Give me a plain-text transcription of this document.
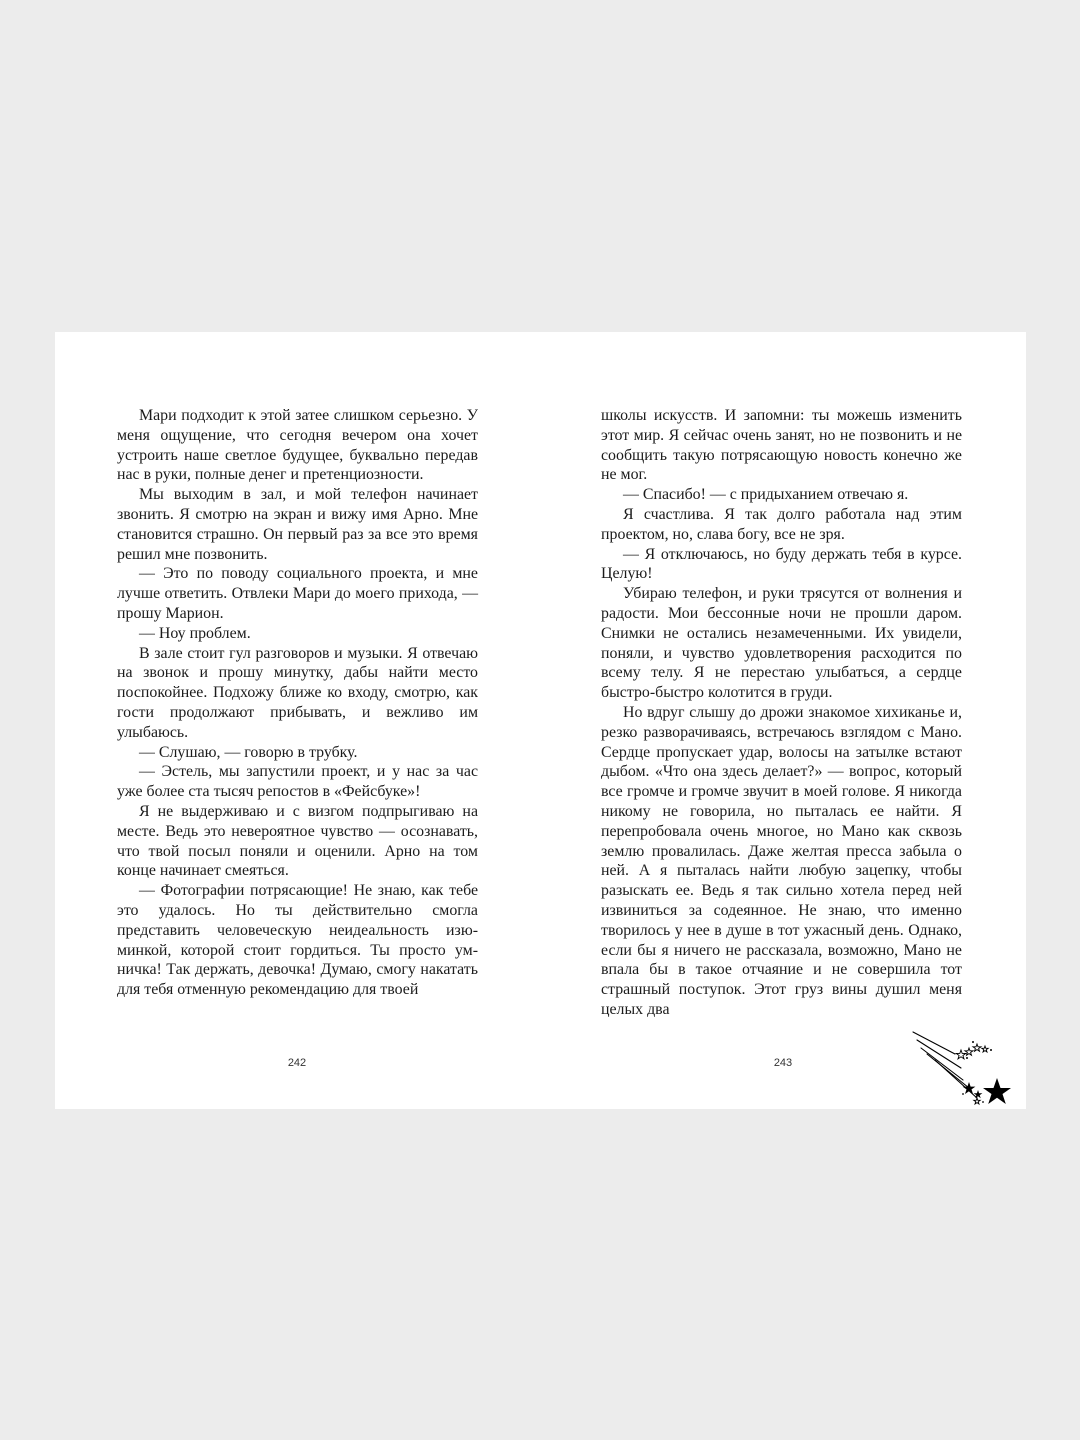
Мари подходит к этой затее слишком серьезно. У меня ощущение, что сегодня вечером она хочет устроить наше светлое будущее, буквально передав нас в руки, полные денег и претенциозности.

Мы выходим в зал, и мой телефон начинает звонить. Я смотрю на экран и вижу имя Арно. Мне становится страшно. Он первый раз за все это время решил мне позвонить.

— Это по поводу социального проекта, и мне лучше ответить. Отвлеки Мари до моего прихода, — прошу Марион.

— Ноу проблем.

В зале стоит гул разговоров и музыки. Я отвечаю на звонок и прошу минутку, дабы найти место поспокойнее. Подхожу ближе ко входу, смотрю, как гости продолжают прибывать, и вежливо им улыбаюсь.

— Слушаю, — говорю в трубку.

— Эстель, мы запустили проект, и у нас за час уже более ста тысяч репостов в «Фейсбуке»!

Я не выдерживаю и с визгом подпрыгиваю на месте. Ведь это невероятное чувство — осознавать, что твой посыл поняли и оценили. Арно на том конце начинает смеяться.

— Фотографии потрясающие! Не знаю, как тебе это удалось. Но ты действительно смогла представить человеческую неидеальность изюминкой, которой стоит гордиться. Ты просто умничка! Так держать, девочка! Думаю, смогу накатать для тебя отменную рекомендацию для твоей

школы искусств. И запомни: ты можешь изменить этот мир. Я сейчас очень занят, но не позвонить и не сообщить такую потрясающую новость конечно же не мог.

— Спасибо! — с придыханием отвечаю я.

Я счастлива. Я так долго работала над этим проектом, но, слава богу, все не зря.

— Я отключаюсь, но буду держать тебя в курсе. Целую!

Убираю телефон, и руки трясутся от волнения и радости. Мои бессонные ночи не прошли даром. Снимки не остались незамеченными. Их увидели, поняли, и чувство удовлетворения расходится по всему телу. Я не перестаю улыбаться, а сердце быстро-быстро колотится в груди.

Но вдруг слышу до дрожи знакомое хихиканье и, резко разворачиваясь, встречаюсь взглядом с Мано. Сердце пропускает удар, волосы на затылке встают дыбом. «Что она здесь делает?» — вопрос, который все громче и громче звучит в моей голове. Я никогда никому не говорила, но пыталась ее найти. Я перепробовала очень многое, но Мано как сквозь землю провалилась. Даже желтая пресса забыла о ней. А я пыталась найти любую зацепку, чтобы разыскать ее. Ведь я так сильно хотела перед ней извиниться за содеянное. Не знаю, что именно творилось у нее в душе в тот ужасный день. Однако, если бы я ничего не рассказала, возможно, Мано не впала бы в такое отчаяние и не совершила тот страшный поступок. Этот груз вины душил меня целых два

242	243
